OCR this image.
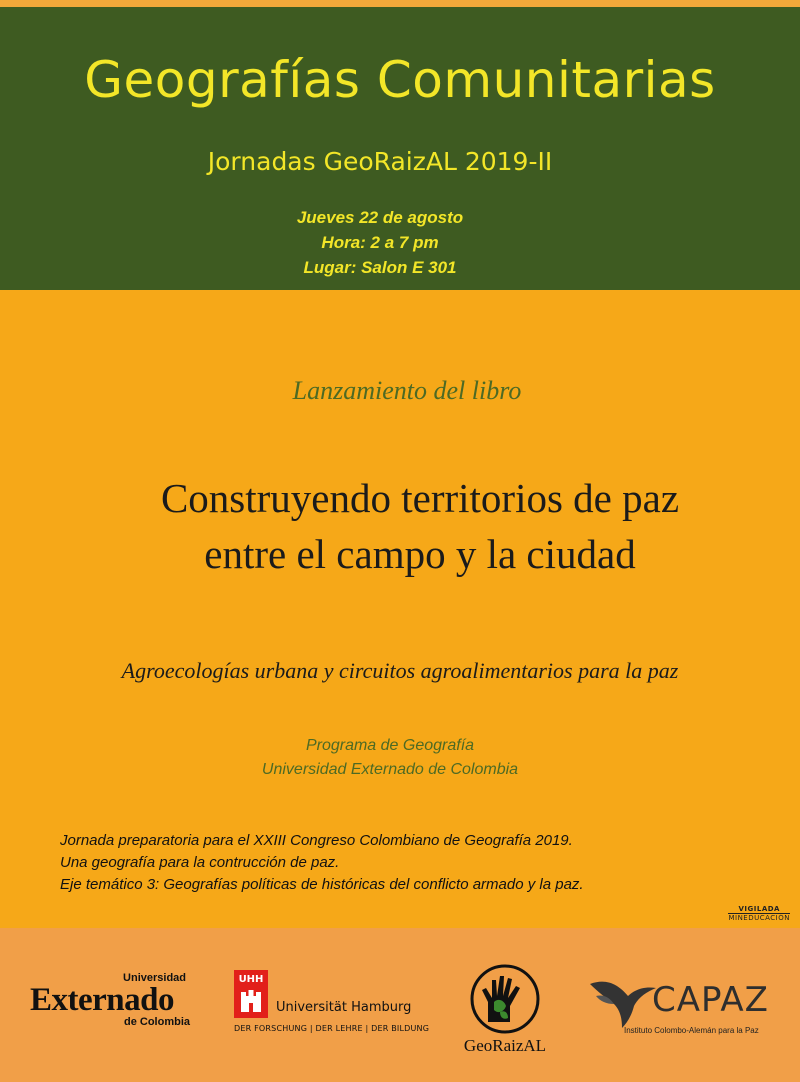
Geografías Comunitarias
Jornadas GeoRaizAL 2019-II
Jueves 22 de agosto
Hora: 2 a 7 pm
Lugar: Salon E 301
Lanzamiento del libro
Construyendo territorios de paz
entre el campo y la ciudad
Agroecologías urbana y circuitos agroalimentarios para la paz
Programa de Geografía
Universidad Externado de Colombia
Jornada preparatoria para el XXIII Congreso Colombiano de Geografía 2019.
Una geografía para la contrucción de paz.
Eje temático 3: Geografías políticas de históricas del conflicto armado y la paz.
VIGILADA
MINEDUCACIÓN
Universidad
Externado
de Colombia
UHH
Universität Hamburg
DER FORSCHUNG | DER LEHRE | DER BILDUNG
GeoRaizAL
CAPAZ
Instituto Colombo-Alemán para la Paz
